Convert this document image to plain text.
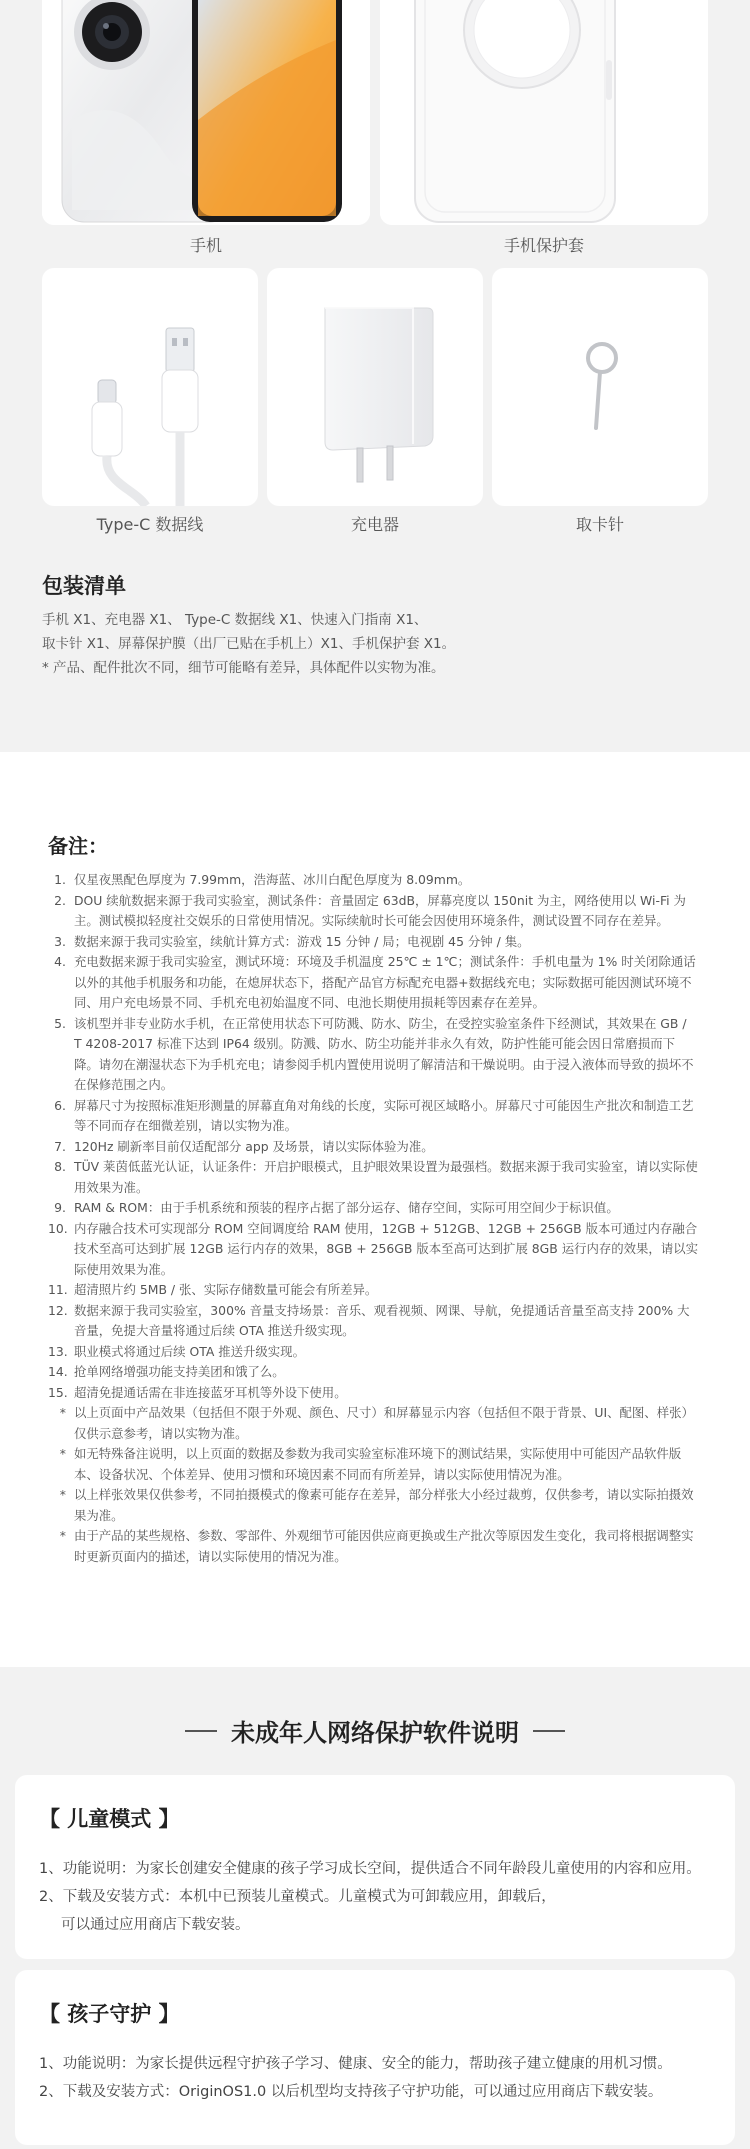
手机	手机保护套
Type-C 数据线	充电器	取卡针
包装清单
手机 X1、充电器 X1、 Type-C 数据线 X1、快速入门指南 X1、
取卡针 X1、屏幕保护膜（出厂已贴在手机上）X1、手机保护套 X1。
* 产品、配件批次不同，细节可能略有差异，具体配件以实物为准。
备注：
1. 仅星夜黑配色厚度为 7.99mm，浩海蓝、冰川白配色厚度为 8.09mm。
2. DOU 续航数据来源于我司实验室，测试条件：音量固定 63dB，屏幕亮度以 150nit 为主，网络使用以 Wi-Fi 为主。测试模拟轻度社交娱乐的日常使用情况。实际续航时长可能会因使用环境条件，测试设置不同存在差异。
3. 数据来源于我司实验室，续航计算方式：游戏 15 分钟 / 局；电视剧 45 分钟 / 集。
4. 充电数据来源于我司实验室，测试环境：环境及手机温度 25℃ ± 1℃；测试条件：手机电量为 1% 时关闭除通话以外的其他手机服务和功能，在熄屏状态下，搭配产品官方标配充电器+数据线充电；实际数据可能因测试环境不同、用户充电场景不同、手机充电初始温度不同、电池长期使用损耗等因素存在差异。
5. 该机型并非专业防水手机，在正常使用状态下可防溅、防水、防尘，在受控实验室条件下经测试，其效果在 GB / T 4208-2017 标准下达到 IP64 级别。防溅、防水、防尘功能并非永久有效，防护性能可能会因日常磨损而下降。请勿在潮湿状态下为手机充电；请参阅手机内置使用说明了解清洁和干燥说明。由于浸入液体而导致的损坏不在保修范围之内。
6. 屏幕尺寸为按照标准矩形测量的屏幕直角对角线的长度，实际可视区域略小。屏幕尺寸可能因生产批次和制造工艺等不同而存在细微差别，请以实物为准。
7. 120Hz 刷新率目前仅适配部分 app 及场景，请以实际体验为准。
8. TÜV 莱茵低蓝光认证，认证条件：开启护眼模式，且护眼效果设置为最强档。数据来源于我司实验室，请以实际使用效果为准。
9. RAM & ROM：由于手机系统和预装的程序占据了部分运存、储存空间，实际可用空间少于标识值。
10. 内存融合技术可实现部分 ROM 空间调度给 RAM 使用，12GB + 512GB、12GB + 256GB 版本可通过内存融合技术至高可达到扩展 12GB 运行内存的效果，8GB + 256GB 版本至高可达到扩展 8GB 运行内存的效果，请以实际使用效果为准。
11. 超清照片约 5MB / 张、实际存储数量可能会有所差异。
12. 数据来源于我司实验室，300% 音量支持场景：音乐、观看视频、网课、导航，免提通话音量至高支持 200% 大音量，免提大音量将通过后续 OTA 推送升级实现。
13. 职业模式将通过后续 OTA 推送升级实现。
14. 抢单网络增强功能支持美团和饿了么。
15. 超清免提通话需在非连接蓝牙耳机等外设下使用。
* 以上页面中产品效果（包括但不限于外观、颜色、尺寸）和屏幕显示内容（包括但不限于背景、UI、配图、样张）仅供示意参考，请以实物为准。
* 如无特殊备注说明，以上页面的数据及参数为我司实验室标准环境下的测试结果，实际使用中可能因产品软件版本、设备状况、个体差异、使用习惯和环境因素不同而有所差异，请以实际使用情况为准。
* 以上样张效果仅供参考，不同拍摄模式的像素可能存在差异，部分样张大小经过裁剪，仅供参考，请以实际拍摄效果为准。
* 由于产品的某些规格、参数、零部件、外观细节可能因供应商更换或生产批次等原因发生变化，我司将根据调整实时更新页面内的描述，请以实际使用的情况为准。
未成年人网络保护软件说明
【 儿童模式 】
1、功能说明：为家长创建安全健康的孩子学习成长空间，提供适合不同年龄段儿童使用的内容和应用。
2、下载及安装方式：本机中已预装儿童模式。儿童模式为可卸载应用，卸载后，
可以通过应用商店下载安装。
【 孩子守护 】
1、功能说明：为家长提供远程守护孩子学习、健康、安全的能力，帮助孩子建立健康的用机习惯。
2、下载及安装方式：OriginOS1.0 以后机型均支持孩子守护功能，可以通过应用商店下载安装。
